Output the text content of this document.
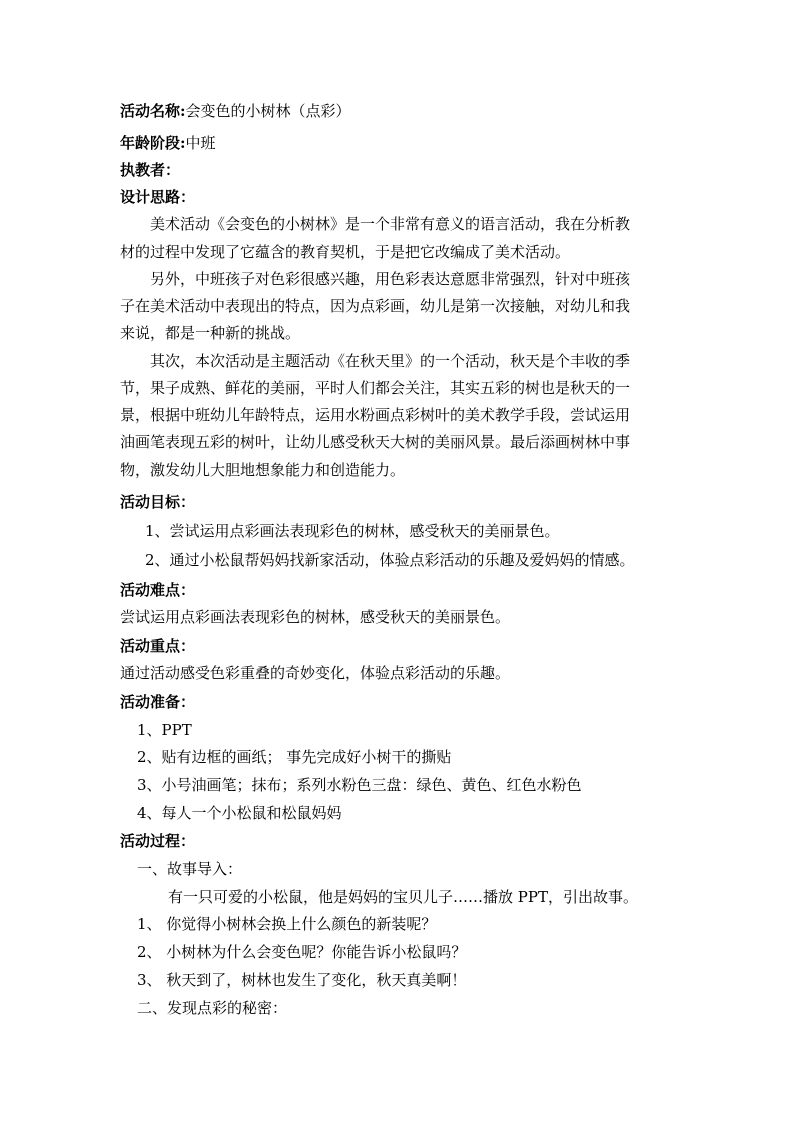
活动名称:会变色的小树林（点彩）
年龄阶段:中班
执教者：
设计思路：
美术活动《会变色的小树林》是一个非常有意义的语言活动，我在分析教
材的过程中发现了它蕴含的教育契机，于是把它改编成了美术活动。
另外，中班孩子对色彩很感兴趣，用色彩表达意愿非常强烈，针对中班孩
子在美术活动中表现出的特点，因为点彩画，幼儿是第一次接触，对幼儿和我
来说，都是一种新的挑战。
其次，本次活动是主题活动《在秋天里》的一个活动，秋天是个丰收的季
节，果子成熟、鲜花的美丽，平时人们都会关注，其实五彩的树也是秋天的一
景，根据中班幼儿年龄特点，运用水粉画点彩树叶的美术教学手段，尝试运用
油画笔表现五彩的树叶，让幼儿感受秋天大树的美丽风景。最后添画树林中事
物，激发幼儿大胆地想象能力和创造能力。
活动目标：
1、尝试运用点彩画法表现彩色的树林，感受秋天的美丽景色。
2、通过小松鼠帮妈妈找新家活动，体验点彩活动的乐趣及爱妈妈的情感。
活动难点：
尝试运用点彩画法表现彩色的树林，感受秋天的美丽景色。
活动重点：
通过活动感受色彩重叠的奇妙变化，体验点彩活动的乐趣。
活动准备：
1、PPT
2、贴有边框的画纸； 事先完成好小树干的撕贴
3、小号油画笔；抹布；系列水粉色三盘：绿色、黄色、红色水粉色
4、每人一个小松鼠和松鼠妈妈
活动过程：
一、故事导入：
有一只可爱的小松鼠，他是妈妈的宝贝儿子……播放 PPT，引出故事。
1、 你觉得小树林会换上什么颜色的新装呢？
2、 小树林为什么会变色呢？你能告诉小松鼠吗？
3、 秋天到了，树林也发生了变化，秋天真美啊！
二、发现点彩的秘密：
